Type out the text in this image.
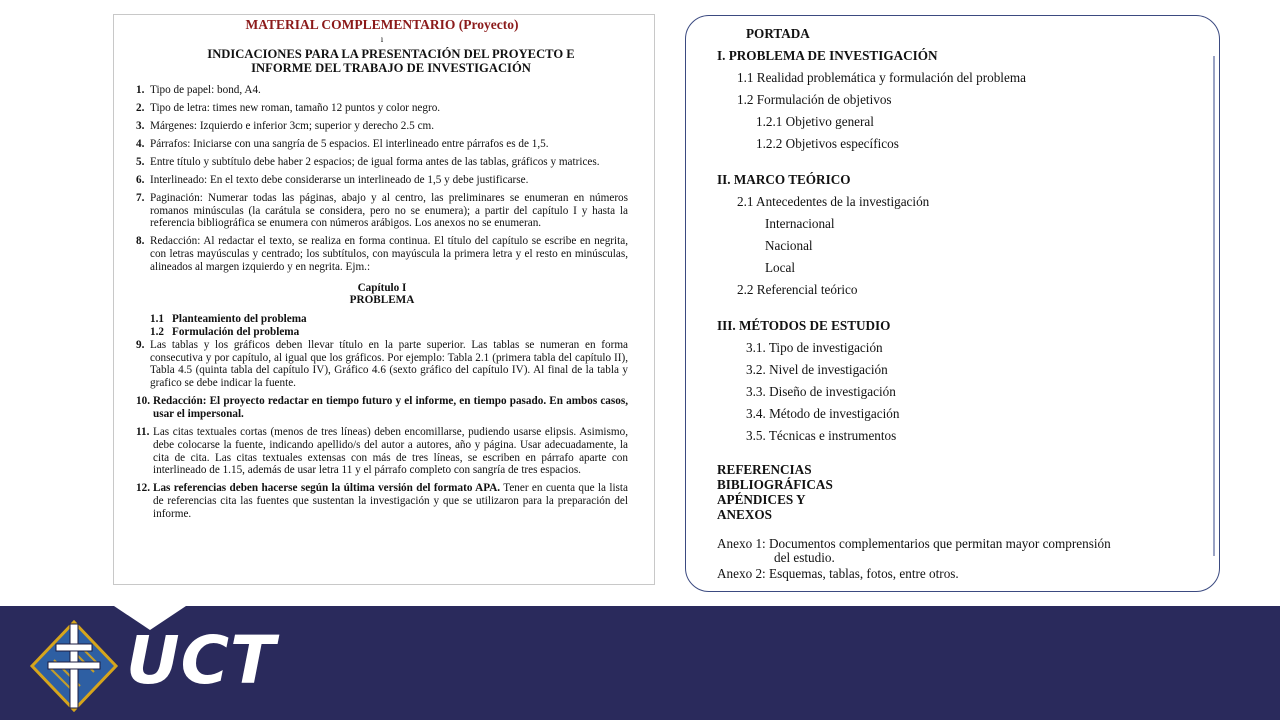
MATERIAL COMPLEMENTARIO (Proyecto)
ı
INDICACIONES PARA LA PRESENTACIÓN DEL PROYECTO E
INFORME DEL TRABAJO DE INVESTIGACIÓN
1. Tipo de papel: bond, A4.
2. Tipo de letra: times new roman, tamaño 12 puntos y color negro.
3. Márgenes: Izquierdo e inferior 3cm; superior y derecho 2.5 cm.
4. Párrafos: Iniciarse con una sangría de 5 espacios. El interlineado entre párrafos es de 1,5.
5. Entre título y subtítulo debe haber 2 espacios; de igual forma antes de las tablas, gráficos y matrices.
6. Interlineado: En el texto debe considerarse un interlineado de 1,5 y debe justificarse.
7. Paginación: Numerar todas las páginas, abajo y al centro, las preliminares se enumeran en números romanos minúsculas (la carátula se considera, pero no se enumera); a partir del capítulo I y hasta la referencia bibliográfica se enumera con números arábigos. Los anexos no se enumeran.
8. Redacción: Al redactar el texto, se realiza en forma continua. El título del capítulo se escribe en negrita, con letras mayúsculas y centrado; los subtítulos, con mayúscula la primera letra y el resto en minúsculas, alineados al margen izquierdo y en negrita. Ejm.:
Capítulo I
PROBLEMA
1.1 Planteamiento del problema
1.2 Formulación del problema
9. Las tablas y los gráficos deben llevar título en la parte superior. Las tablas se numeran en forma consecutiva y por capítulo, al igual que los gráficos. Por ejemplo: Tabla 2.1 (primera tabla del capítulo II), Tabla 4.5 (quinta tabla del capítulo IV), Gráfico 4.6 (sexto gráfico del capítulo IV). Al final de la tabla y grafico se debe indicar la fuente.
10. Redacción: El proyecto redactar en tiempo futuro y el informe, en tiempo pasado. En ambos casos, usar el impersonal.
11. Las citas textuales cortas (menos de tres líneas) deben encomillarse, pudiendo usarse elipsis. Asimismo, debe colocarse la fuente, indicando apellido/s del autor a autores, año y página. Usar adecuadamente, la cita de cita. Las citas textuales extensas con más de tres líneas, se escriben en párrafo aparte con interlineado de 1.15, además de usar letra 11 y el párrafo completo con sangría de tres espacios.
12. Las referencias deben hacerse según la última versión del formato APA. Tener en cuenta que la lista de referencias cita las fuentes que sustentan la investigación y que se utilizaron para la preparación del informe.
PORTADA
I. PROBLEMA DE INVESTIGACIÓN
1.1 Realidad problemática y formulación del problema
1.2 Formulación de objetivos
1.2.1 Objetivo general
1.2.2 Objetivos específicos
II. MARCO TEÓRICO
2.1 Antecedentes de la investigación
Internacional
Nacional
Local
2.2 Referencial teórico
III. MÉTODOS DE ESTUDIO
3.1. Tipo de investigación
3.2. Nivel de investigación
3.3. Diseño de investigación
3.4. Método de investigación
3.5. Técnicas e instrumentos
REFERENCIAS
BIBLIOGRÁFICAS
APÉNDICES Y
ANEXOS
Anexo 1: Documentos complementarios que permitan mayor comprensión
del estudio.
Anexo 2: Esquemas, tablas, fotos, entre otros.
UCT
